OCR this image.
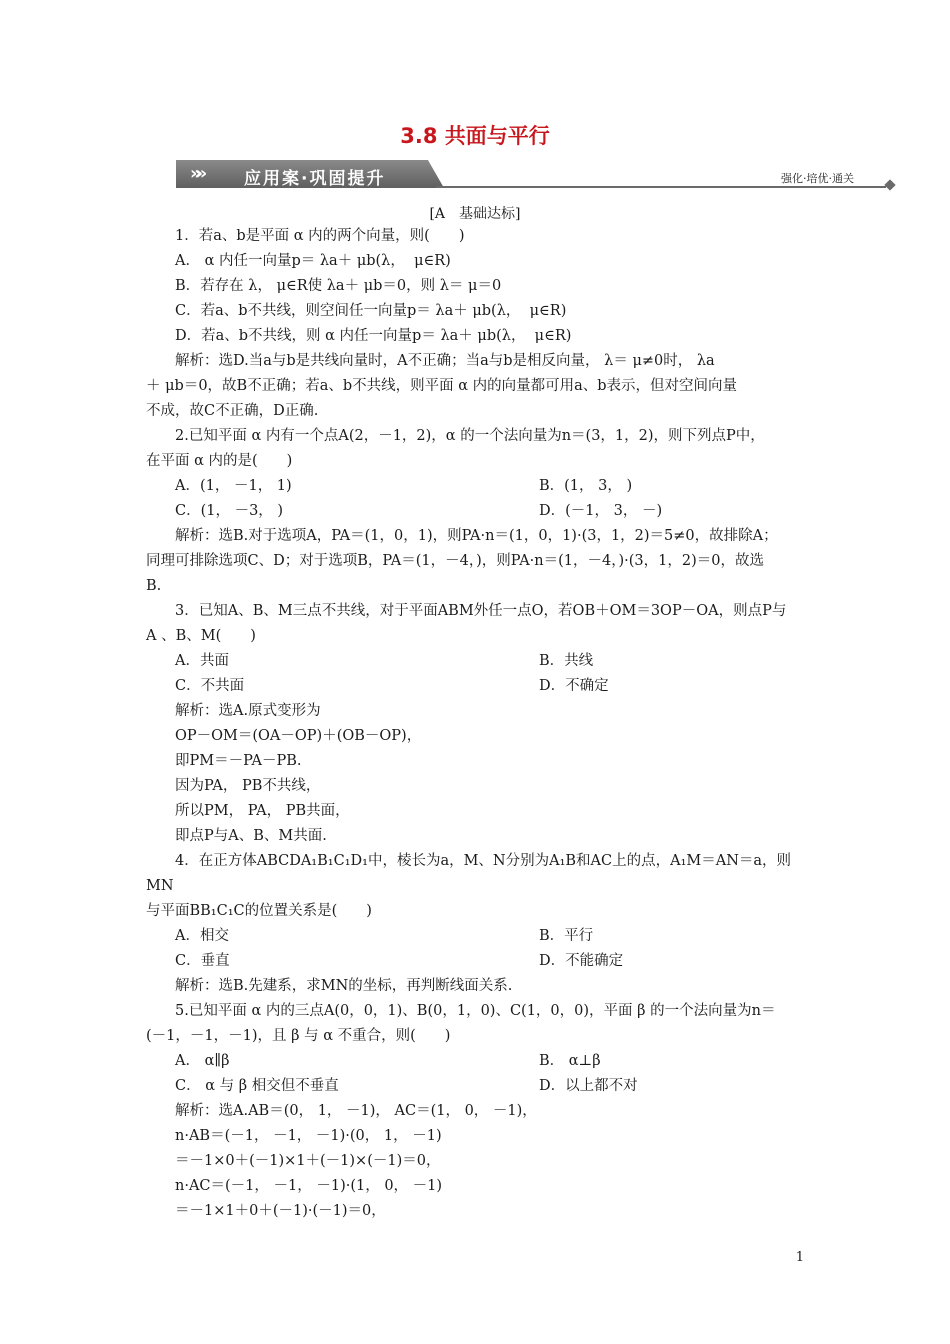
3.8 共面与平行
»»	应用案·巩固提升	强化·培优·通关
[A　基础达标]

1．若a、b是平面 α 内的两个向量，则(　　)

A． α 内任一向量p＝ λa＋ μb(λ，  μ∈R)

B．若存在 λ， μ∈R使 λa＋ μb＝0，则 λ＝ μ＝0

C．若a、b不共线，则空间任一向量p＝ λa＋ μb(λ，  μ∈R)

D．若a、b不共线，则 α 内任一向量p＝ λa＋ μb(λ，  μ∈R)

解析：选D.当a与b是共线向量时，A不正确；当a与b是相反向量， λ＝ μ≠0时， λa

＋ μb＝0，故B不正确；若a、b不共线，则平面 α 内的向量都可用a、b表示，但对空间向量

不成，故C不正确，D正确.

2.已知平面 α 内有一个点A(2，－1，2)，α 的一个法向量为n＝(3，1，2)，则下列点P中，

在平面 α 内的是(　　)

A．(1， －1， 1)	B．(1， 3， )
C．(1， －3， )	D．(－1， 3， －)

解析：选B.对于选项A，PA＝(1，0，1)，则PA·n＝(1，0，1)·(3，1，2)＝5≠0，故排除A；

同理可排除选项C、D；对于选项B，PA＝(1，－4，)，则PA·n＝(1，－4，)·(3，1，2)＝0，故选

B.

3．已知A、B、M三点不共线，对于平面ABM外任一点O，若OB＋OM＝3OP－OA，则点P与

A 、B、M(　　)

A．共面	B．共线
C．不共面	D．不确定

解析：选A.原式变形为

OP－OM＝(OA－OP)＋(OB－OP)，

即PM＝－PA－PB.

因为PA， PB不共线，

所以PM， PA， PB共面，

即点P与A、B、M共面.

4．在正方体ABCDA₁B₁C₁D₁中，棱长为a，M、N分别为A₁B和AC上的点，A₁M＝AN＝a，则MN

与平面BB₁C₁C的位置关系是(　　)

A．相交	B．平行
C．垂直	D．不能确定

解析：选B.先建系，求MN的坐标，再判断线面关系.

5.已知平面 α 内的三点A(0，0，1)、B(0，1，0)、C(1，0，0)，平面 β 的一个法向量为n＝

(－1，－1，－1)，且 β 与 α 不重合，则(　　)

A． α∥β	B． α⊥β
C． α 与 β 相交但不垂直	D．以上都不对

解析：选A.AB＝(0， 1， －1)， AC＝(1， 0， －1)，

n·AB＝(－1， －1， －1)·(0， 1， －1)

＝－1×0＋(－1)×1＋(－1)×(－1)＝0，

n·AC＝(－1， －1， －1)·(1， 0， －1)

＝－1×1＋0＋(－1)·(－1)＝0，

1
